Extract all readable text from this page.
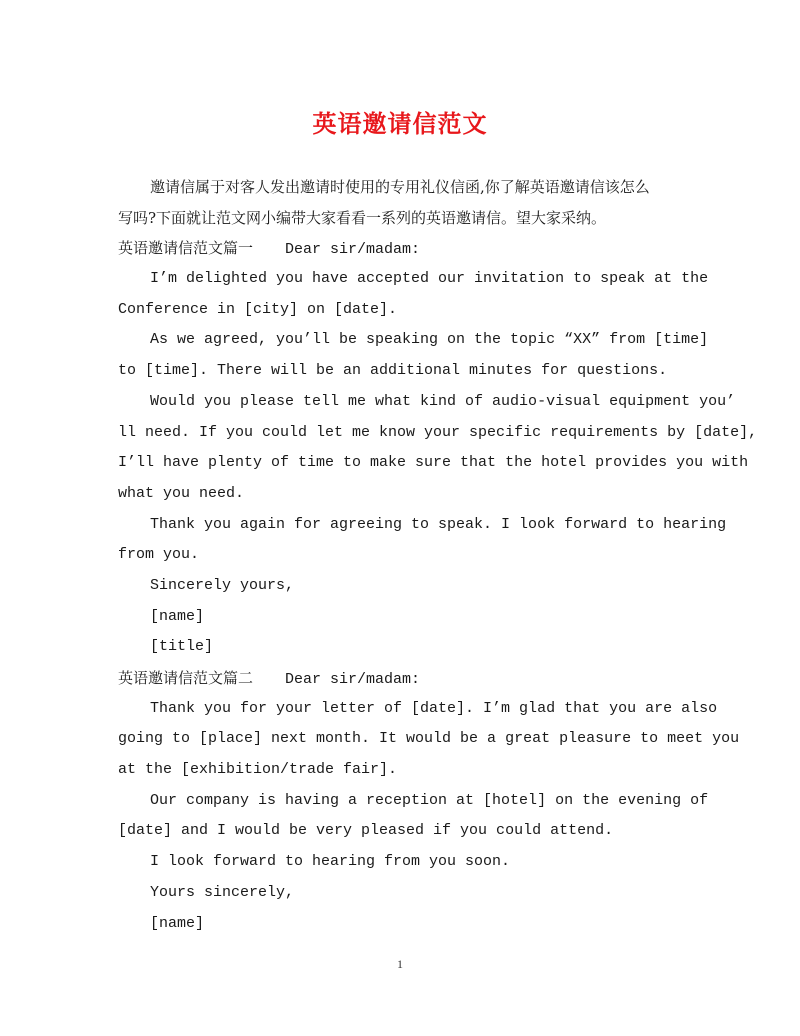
英语邀请信范文
邀请信属于对客人发出邀请时使用的专用礼仪信函,你了解英语邀请信该怎么
写吗?下面就让范文网小编带大家看看一系列的英语邀请信。望大家采纳。
英语邀请信范文篇一 Dear sir/madam:
I’m delighted you have accepted our invitation to speak at the
Conference in [city] on [date].
As we agreed, you’ll be speaking on the topic “XX” from [time]
to [time]. There will be an additional minutes for questions.
Would you please tell me what kind of audio-visual equipment you’
ll need. If you could let me know your specific requirements by [date],
I’ll have plenty of time to make sure that the hotel provides you with
what you need.
Thank you again for agreeing to speak. I look forward to hearing
from you.
Sincerely yours,
[name]
[title]
英语邀请信范文篇二 Dear sir/madam:
Thank you for your letter of [date]. I’m glad that you are also
going to [place] next month. It would be a great pleasure to meet you
at the [exhibition/trade fair].
Our company is having a reception at [hotel] on the evening of
[date] and I would be very pleased if you could attend.
I look forward to hearing from you soon.
Yours sincerely,
[name]
1
